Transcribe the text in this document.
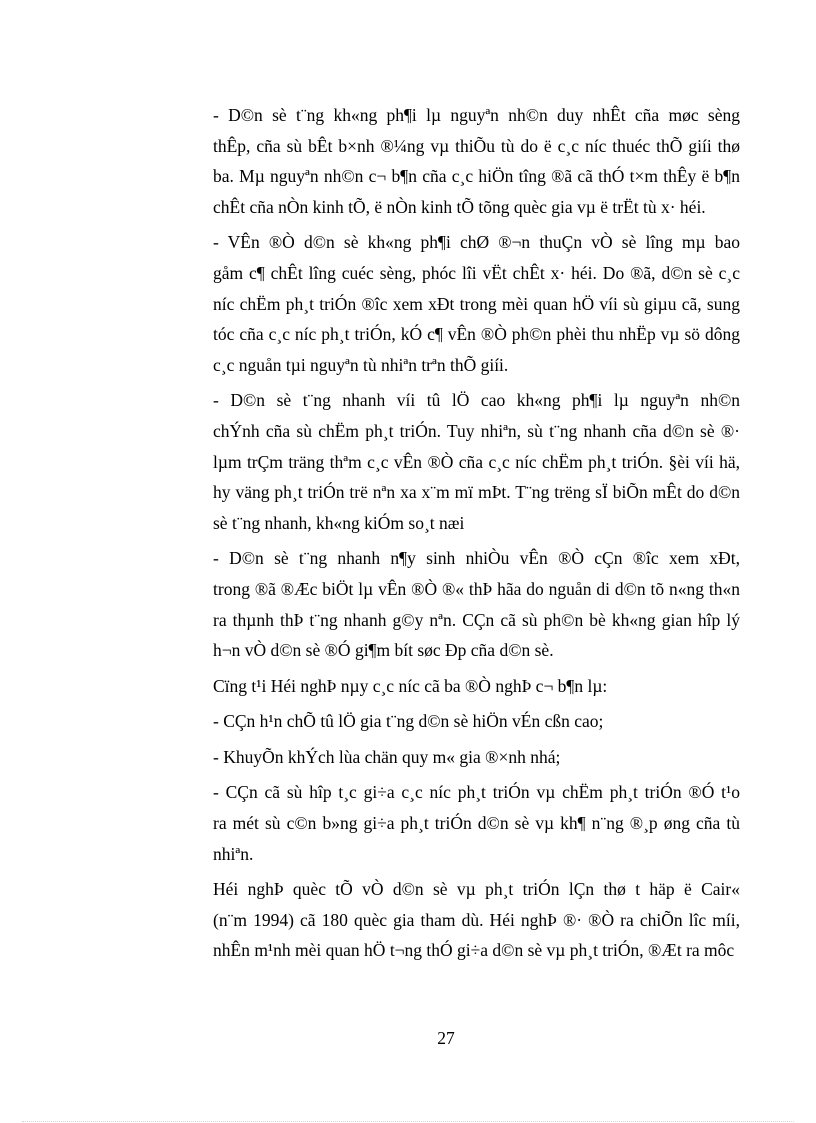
- D©n sè t¨ng kh«ng ph¶i lµ nguyªn nh©n duy nhÊt cña møc sèng
thÊp, cña sù bÊt b×nh ®¼ng vµ thiÕu tù do ë c¸c níc thuéc thÕ giíi thø
ba. Mµ nguyªn nh©n c¬ b¶n cña c¸c hiÖn tîng ®ã cã thÓ t×m thÊy ë b¶n
chÊt cña nÒn kinh tÕ, ë nÒn kinh tÕ tõng quèc gia vµ ë trËt tù x· héi.
- VÊn ®Ò d©n sè kh«ng ph¶i chØ ®¬n thuÇn vÒ sè lîng mµ bao
gåm c¶ chÊt lîng cuéc sèng, phóc lîi vËt chÊt x· héi. Do ®ã, d©n sè c¸c
níc chËm ph¸t triÓn ®îc xem xÐt trong mèi quan hÖ víi sù giµu cã, sung
tóc cña c¸c níc ph¸t triÓn, kÓ c¶ vÊn ®Ò ph©n phèi thu nhËp vµ sö dông
c¸c nguån tµi nguyªn tù nhiªn trªn thÕ giíi.
- D©n sè t¨ng nhanh víi tû lÖ cao kh«ng ph¶i lµ nguyªn nh©n
chÝnh cña sù chËm ph¸t triÓn. Tuy nhiªn, sù t¨ng nhanh cña d©n sè ®·
lµm trÇm träng thªm c¸c vÊn ®Ò cña c¸c níc chËm ph¸t triÓn. §èi víi hä,
hy väng ph¸t triÓn trë nªn xa x¨m mï mÞt. T¨ng trëng sÏ biÕn mÊt do d©n
sè t¨ng nhanh, kh«ng kiÓm so¸t næi
- D©n sè t¨ng nhanh n¶y sinh nhiÒu vÊn ®Ò cÇn ®îc xem xÐt,
trong ®ã ®Æc biÖt lµ vÊn ®Ò ®« thÞ hãa do nguån di d©n tõ n«ng th«n
ra thµnh thÞ t¨ng nhanh g©y nªn. CÇn cã sù ph©n bè kh«ng gian hîp lý
h¬n vÒ d©n sè ®Ó gi¶m bít søc Ðp cña d©n sè.
Cïng t¹i Héi nghÞ nµy c¸c níc cã ba ®Ò nghÞ c¬ b¶n lµ:
- CÇn h¹n chÕ tû lÖ gia t¨ng d©n sè hiÖn vÉn cßn cao;
- KhuyÕn khÝch lùa chän quy m« gia ®×nh nhá;
- CÇn cã sù hîp t¸c gi÷a c¸c níc ph¸t triÓn vµ chËm ph¸t triÓn ®Ó t¹o
ra mét sù c©n b»ng gi÷a ph¸t triÓn d©n sè vµ kh¶ n¨ng ®¸p øng cña tù
nhiªn.
Héi nghÞ quèc tÕ vÒ d©n sè vµ ph¸t triÓn lÇn thø t häp ë Cair«
(n¨m 1994) cã 180 quèc gia tham dù. Héi nghÞ ®· ®Ò ra chiÕn lîc míi,
nhÊn m¹nh mèi quan hÖ t¬ng thÓ gi÷a d©n sè vµ ph¸t triÓn, ®Æt ra môc
27
